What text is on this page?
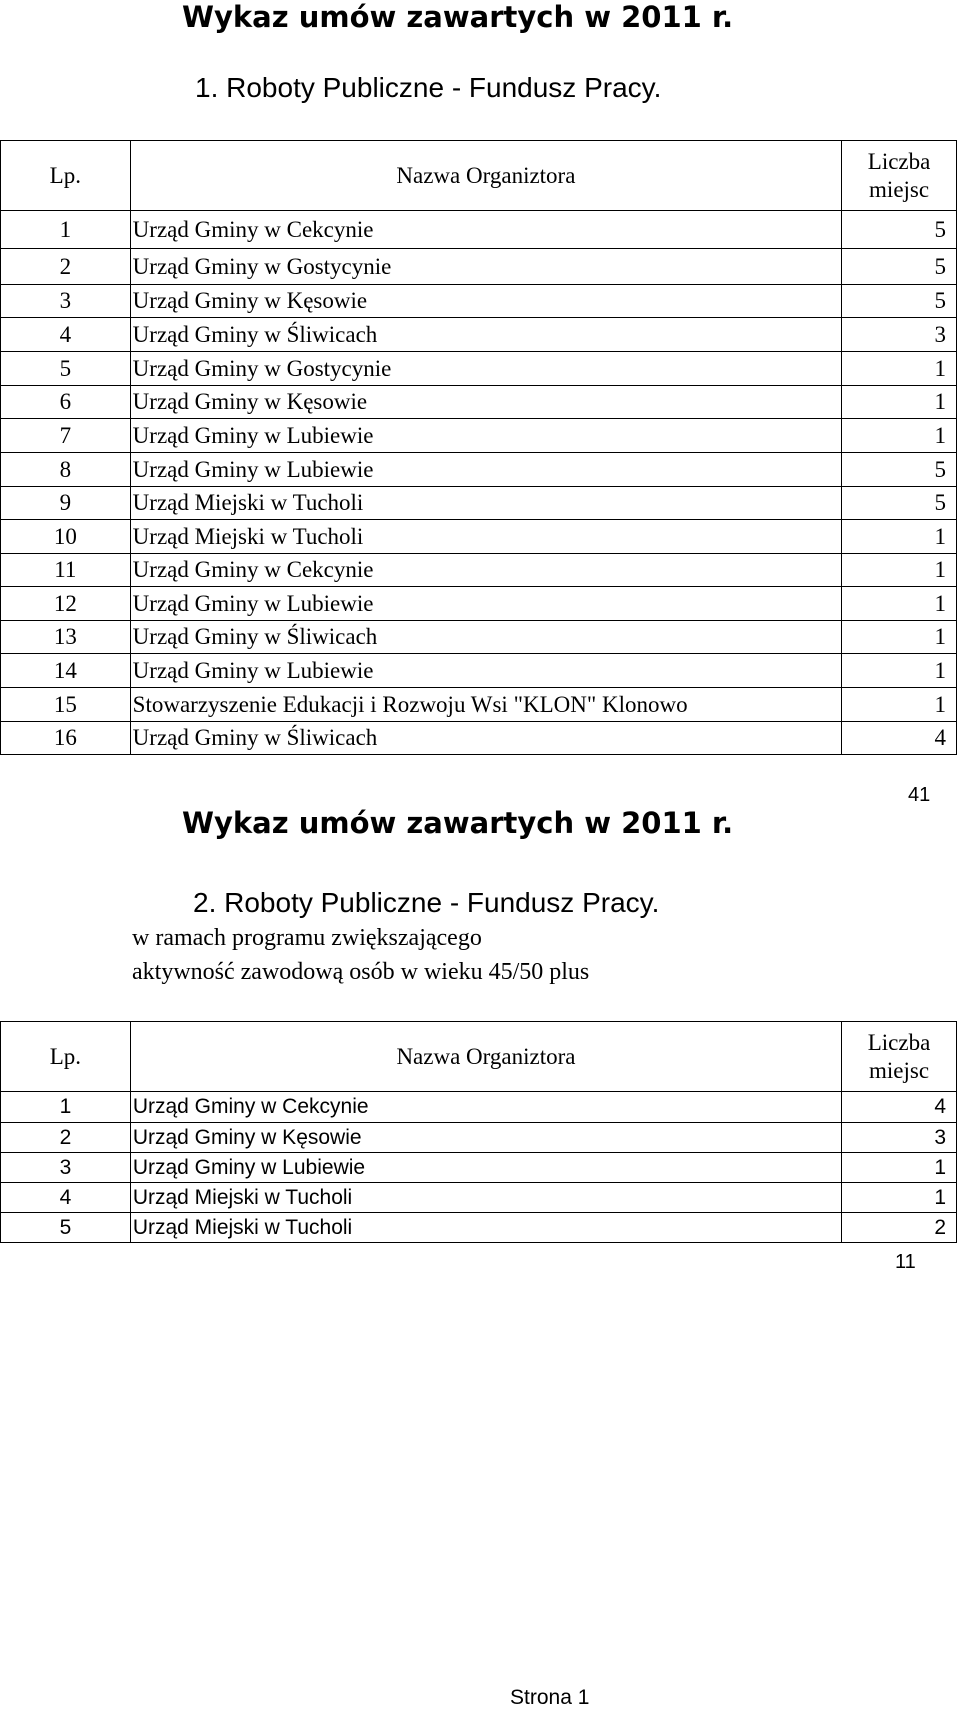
Wykaz umów zawartych w 2011 r.
1. Roboty Publiczne - Fundusz Pracy.
Lp.	Nazwa Organiztora	Liczba
miejsc
1	Urząd Gminy w Cekcynie	5
2	Urząd Gminy w Gostycynie	5
3	Urząd Gminy w Kęsowie	5
4	Urząd Gminy w Śliwicach	3
5	Urząd Gminy w Gostycynie	1
6	Urząd Gminy w Kęsowie	1
7	Urząd Gminy w Lubiewie	1
8	Urząd Gminy w Lubiewie	5
9	Urząd Miejski w Tucholi	5
10	Urząd Miejski w Tucholi	1
11	Urząd Gminy w Cekcynie	1
12	Urząd Gminy w Lubiewie	1
13	Urząd Gminy w Śliwicach	1
14	Urząd Gminy w Lubiewie	1
15	Stowarzyszenie Edukacji i Rozwoju Wsi "KLON" Klonowo	1
16	Urząd Gminy w Śliwicach	4
41
Wykaz umów zawartych w 2011 r.
2. Roboty Publiczne - Fundusz Pracy.
w ramach programu zwiększającego
aktywność zawodową osób w wieku 45/50 plus
Lp.	Nazwa Organiztora	Liczba
miejsc
1	Urząd Gminy w Cekcynie	4
2	Urząd Gminy w Kęsowie	3
3	Urząd Gminy w Lubiewie	1
4	Urząd Miejski w Tucholi	1
5	Urząd Miejski w Tucholi	2
11
Strona 1
